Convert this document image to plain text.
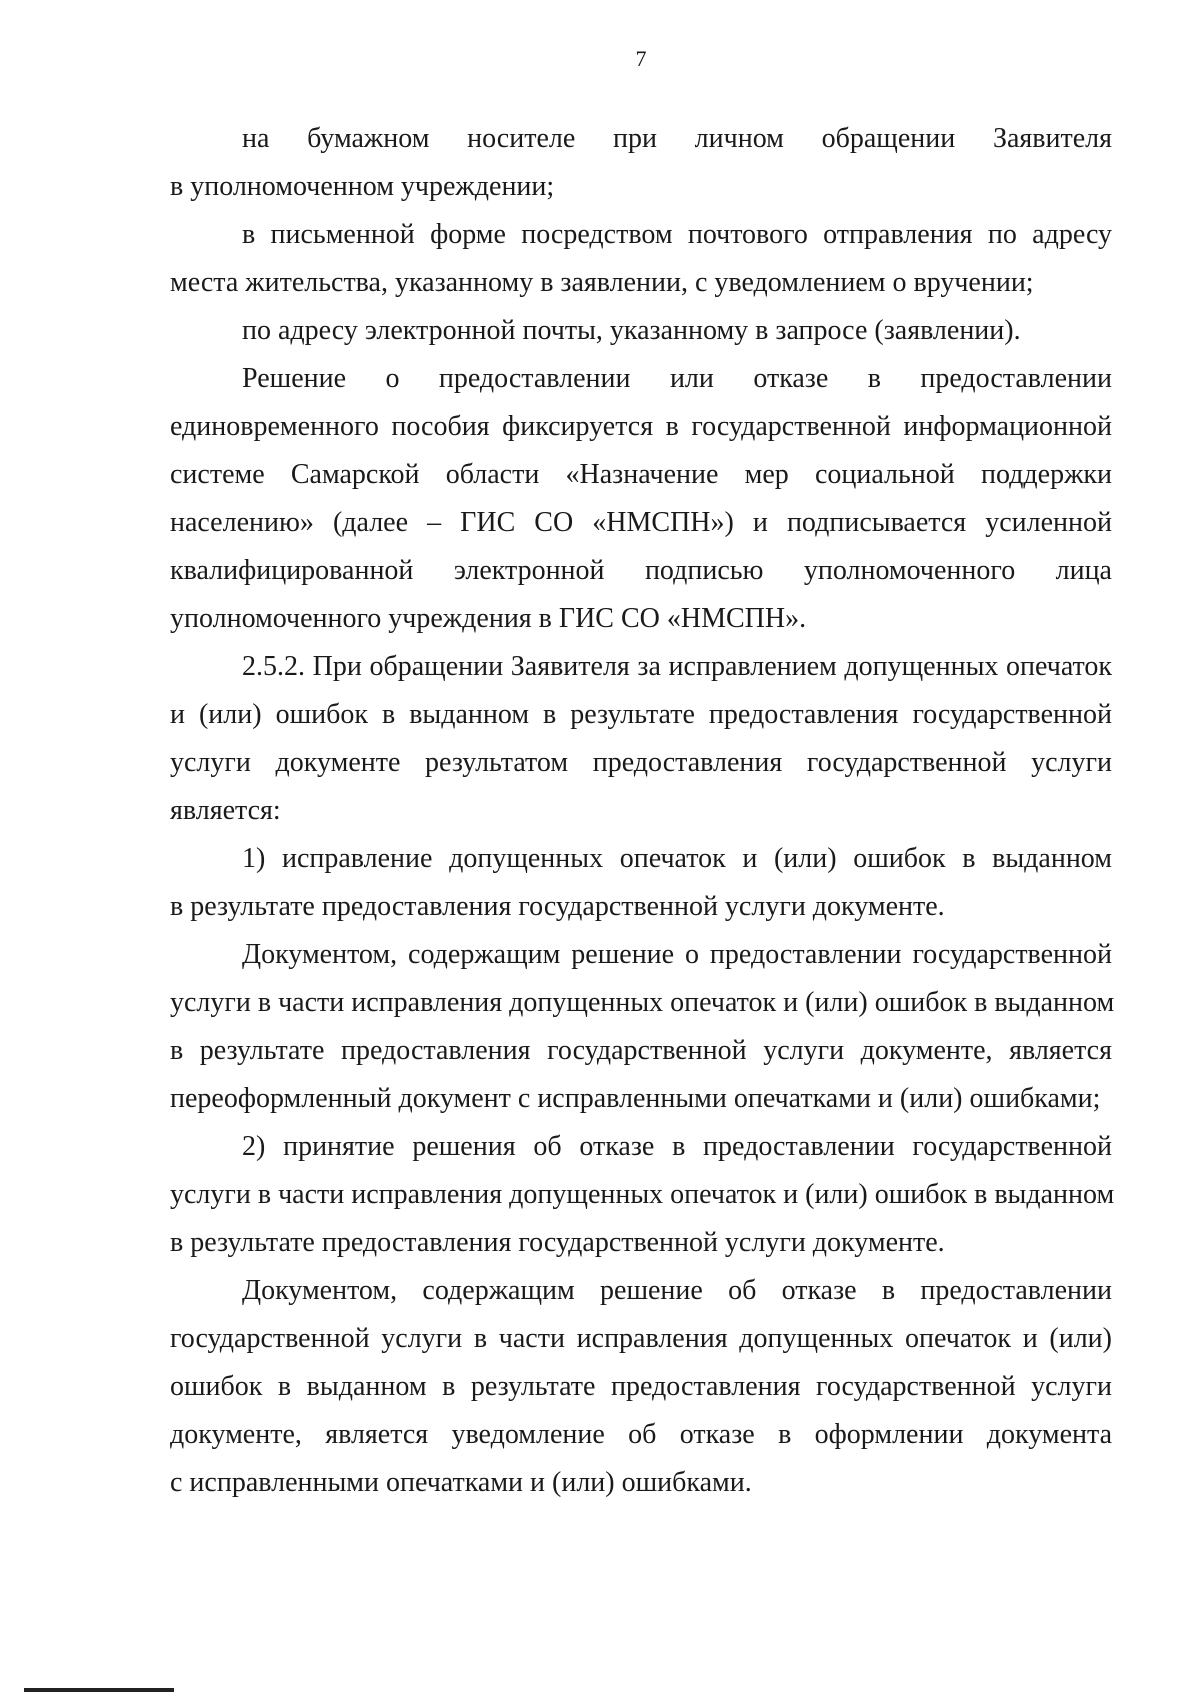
7

на бумажном носителе при личном обращении Заявителя
в уполномоченном учреждении;

в письменной форме посредством почтового отправления по адресу
места жительства, указанному в заявлении, с уведомлением о вручении;

по адресу электронной почты, указанному в запросе (заявлении).

Решение о предоставлении или отказе в предоставлении
единовременного пособия фиксируется в государственной информационной
системе Самарской области «Назначение мер социальной поддержки
населению» (далее – ГИС СО «НМСПН») и подписывается усиленной
квалифицированной электронной подписью уполномоченного лица
уполномоченного учреждения в ГИС СО «НМСПН».

2.5.2. При обращении Заявителя за исправлением допущенных опечаток
и (или) ошибок в выданном в результате предоставления государственной
услуги документе результатом предоставления государственной услуги
является:

1) исправление допущенных опечаток и (или) ошибок в выданном
в результате предоставления государственной услуги документе.

Документом, содержащим решение о предоставлении государственной
услуги в части исправления допущенных опечаток и (или) ошибок в выданном
в результате предоставления государственной услуги документе, является
переоформленный документ с исправленными опечатками и (или) ошибками;

2) принятие решения об отказе в предоставлении государственной
услуги в части исправления допущенных опечаток и (или) ошибок в выданном
в результате предоставления государственной услуги документе.

Документом, содержащим решение об отказе в предоставлении
государственной услуги в части исправления допущенных опечаток и (или)
ошибок в выданном в результате предоставления государственной услуги
документе, является уведомление об отказе в оформлении документа
с исправленными опечатками и (или) ошибками.
